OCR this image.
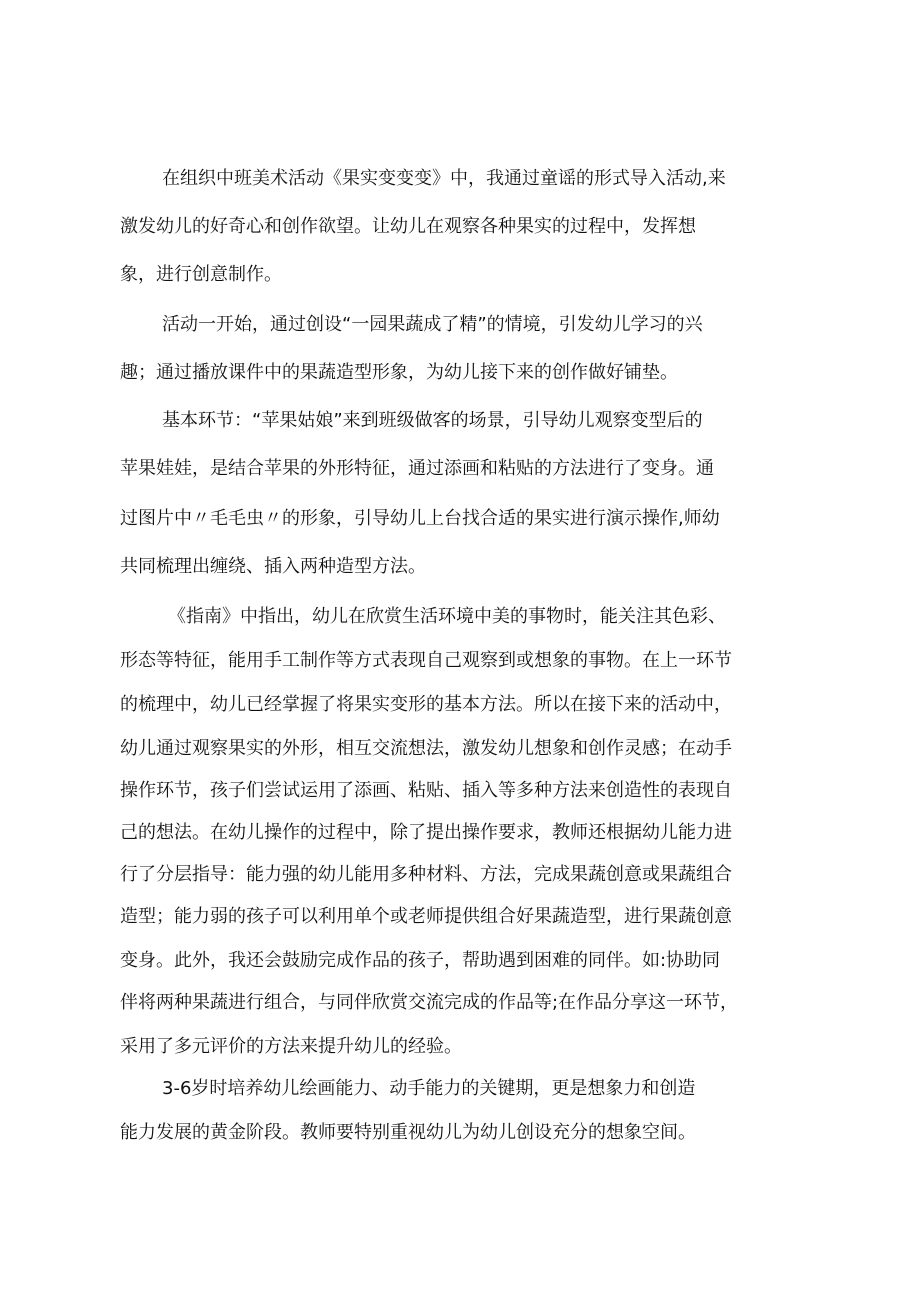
在组织中班美术活动《果实变变变》中，我通过童谣的形式导入活动,来
激发幼儿的好奇心和创作欲望。让幼儿在观察各种果实的过程中，发挥想
象，进行创意制作。
活动一开始，通过创设“一园果蔬成了精”的情境，引发幼儿学习的兴
趣；通过播放课件中的果蔬造型形象，为幼儿接下来的创作做好铺垫。
基本环节：“苹果姑娘”来到班级做客的场景，引导幼儿观察变型后的
苹果娃娃，是结合苹果的外形特征，通过添画和粘贴的方法进行了变身。通
过图片中〃毛毛虫〃的形象，引导幼儿上台找合适的果实进行演示操作,师幼
共同梳理出缠绕、插入两种造型方法。
《指南》中指出，幼儿在欣赏生活环境中美的事物时，能关注其色彩、
形态等特征，能用手工制作等方式表现自己观察到或想象的事物。在上一环节
的梳理中，幼儿已经掌握了将果实变形的基本方法。所以在接下来的活动中，
幼儿通过观察果实的外形，相互交流想法，激发幼儿想象和创作灵感；在动手
操作环节，孩子们尝试运用了添画、粘贴、插入等多种方法来创造性的表现自
己的想法。在幼儿操作的过程中，除了提出操作要求，教师还根据幼儿能力进
行了分层指导：能力强的幼儿能用多种材料、方法，完成果蔬创意或果蔬组合
造型；能力弱的孩子可以利用单个或老师提供组合好果蔬造型，进行果蔬创意
变身。此外，我还会鼓励完成作品的孩子，帮助遇到困难的同伴。如:协助同
伴将两种果蔬进行组合，与同伴欣赏交流完成的作品等;在作品分享这一环节，
采用了多元评价的方法来提升幼儿的经验。
3-6岁时培养幼儿绘画能力、动手能力的关键期，更是想象力和创造
能力发展的黄金阶段。教师要特别重视幼儿为幼儿创设充分的想象空间。
